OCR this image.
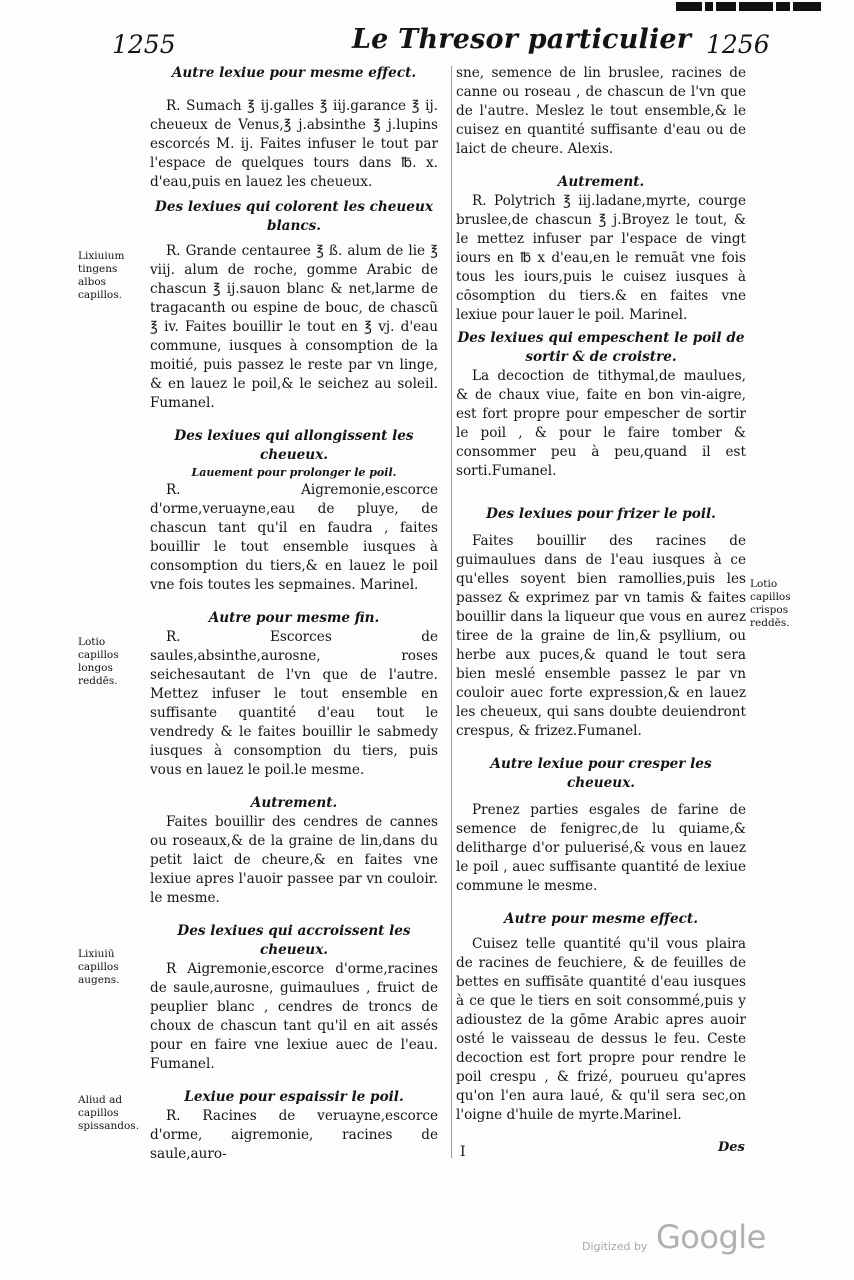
1255	Le Thresor particulier 1256
Lixiuium tingens albos capillos.
Lotio capillos longos reddēs.
Lixiuiū capillos augens.
Aliud ad capillos spissandos.
Autre lexiue pour mesme effect.

R. Sumach ℥ ij.galles ℥ iij.garance ℥ ij. cheueux de Venus,℥ j.absinthe ℥ j.lupins escorcés M. ij. Faites infuser le tout par l'espace de quelques tours dans ℔. x. d'eau,puis en lauez les cheueux.

Des lexiues qui colorent les cheueux blancs.

R. Grande centauree ℥ ß. alum de lie ℥ viij. alum de roche, gomme Arabic de chascun ℥ ij.sauon blanc & net,larme de tragacanth ou espine de bouc, de chascũ ℥ iv. Faites bouillir le tout en ℥ vj. d'eau commune, iusques à consomption de la moitié, puis passez le reste par vn linge, & en lauez le poil,& le seichez au soleil. Fumanel.

Des lexiues qui allongissent les cheueux.
Lauement pour prolonger le poil.

R. Aigremonie,escorce d'orme,veruayne,eau de pluye, de chascun tant qu'il en faudra , faites bouillir le tout ensemble iusques à consomption du tiers,& en lauez le poil vne fois toutes les sepmaines. Marinel.

Autre pour mesme fin.

R. Escorces de saules,absinthe,aurosne, roses seichesautant de l'vn que de l'autre. Mettez infuser le tout ensemble en suffisante quantité d'eau tout le vendredy & le faites bouillir le sabmedy iusques à consomption du tiers, puis vous en lauez le poil.le mesme.

Autrement.

Faites bouillir des cendres de cannes ou roseaux,& de la graine de lin,dans du petit laict de cheure,& en faites vne lexiue apres l'auoir passee par vn couloir. le mesme.

Des lexiues qui accroissent les cheueux.

R Aigremonie,escorce d'orme,racines de saule,aurosne, guimaulues , fruict de peuplier blanc , cendres de troncs de choux de chascun tant qu'il en ait assés pour en faire vne lexiue auec de l'eau. Fumanel.

Lexiue pour espaissir le poil.

R. Racines de veruayne,escorce d'orme, aigremonie, racines de saule,auro-

sne, semence de lin bruslee, racines de canne ou roseau , de chascun de l'vn que de l'autre. Meslez le tout ensemble,& le cuisez en quantité suffisante d'eau ou de laict de cheure. Alexis.

Autrement.

R. Polytrich ℥ iij.ladane,myrte, courge bruslee,de chascun ℥ j.Broyez le tout, & le mettez infuser par l'espace de vingt iours en ℔ x d'eau,en le remuāt vne fois tous les iours,puis le cuisez iusques à cōsomption du tiers.& en faites vne lexiue pour lauer le poil. Marinel.

Des lexiues qui empeschent le poil de sortir & de croistre.

La decoction de tithymal,de maulues, & de chaux viue, faite en bon vin-aigre, est fort propre pour empescher de sortir le poil , & pour le faire tomber & consommer peu à peu,quand il est sorti.Fumanel.

Des lexiues pour frizer le poil.

Faites bouillir des racines de guimaulues dans de l'eau iusques à ce qu'elles soyent bien ramollies,puis les passez & exprimez par vn tamis & faites bouillir dans la liqueur que vous en aurez tiree de la graine de lin,& psyllium, ou herbe aux puces,& quand le tout sera bien meslé ensemble passez le par vn couloir auec forte expression,& en lauez les cheueux, qui sans doubte deuiendront crespus, & frizez.Fumanel.

Autre lexiue pour cresper les cheueux.

Prenez parties esgales de farine de semence de fenigrec,de lu quiame,& delitharge d'or puluerisé,& vous en lauez le poil , auec suffisante quantité de lexiue commune le mesme.

Autre pour mesme effect.

Cuisez telle quantité qu'il vous plaira de racines de feuchiere, & de feuilles de bettes en suffisāte quantité d'eau iusques à ce que le tiers en soit consommé,puis y adioustez de la gōme Arabic apres auoir osté le vaisseau de dessus le feu. Ceste decoction est fort propre pour rendre le poil crespu , & frizé, pourueu qu'apres qu'on l'en aura laué, & qu'il sera sec,on l'oigne d'huile de myrte.Marinel.

Lotio capillos crispos reddēs.
I	Des
Digitized by Google
